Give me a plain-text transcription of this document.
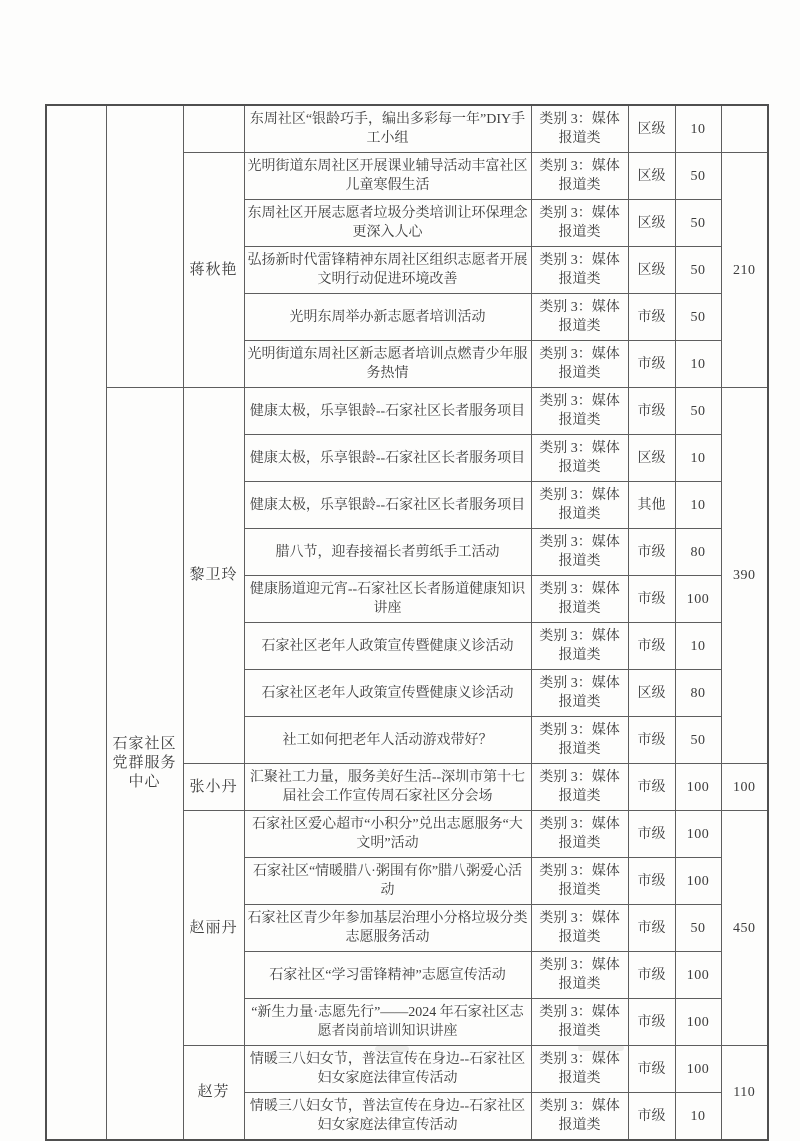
			东周社区“银龄巧手，编出多彩每一年”DIY手工小组	类别 3：媒体报道类	区级	10	
		蒋秋艳	光明街道东周社区开展课业辅导活动丰富社区儿童寒假生活	类别 3：媒体报道类	区级	50	210
			东周社区开展志愿者垃圾分类培训让环保理念更深入人心	类别 3：媒体报道类	区级	50	
			弘扬新时代雷锋精神东周社区组织志愿者开展文明行动促进环境改善	类别 3：媒体报道类	区级	50	
			光明东周举办新志愿者培训活动	类别 3：媒体报道类	市级	50	
			光明街道东周社区新志愿者培训点燃青少年服务热情	类别 3：媒体报道类	市级	10	
	石家社区党群服务中心	黎卫玲	健康太极，乐享银龄--石家社区长者服务项目	类别 3：媒体报道类	市级	50	390
			健康太极，乐享银龄--石家社区长者服务项目	类别 3：媒体报道类	区级	10	
			健康太极，乐享银龄--石家社区长者服务项目	类别 3：媒体报道类	其他	10	
			腊八节，迎春接福长者剪纸手工活动	类别 3：媒体报道类	市级	80	
			健康肠道迎元宵--石家社区长者肠道健康知识讲座	类别 3：媒体报道类	市级	100	
			石家社区老年人政策宣传暨健康义诊活动	类别 3：媒体报道类	市级	10	
			石家社区老年人政策宣传暨健康义诊活动	类别 3：媒体报道类	区级	80	
			社工如何把老年人活动游戏带好？	类别 3：媒体报道类	市级	50	
		张小丹	汇聚社工力量，服务美好生活--深圳市第十七届社会工作宣传周石家社区分会场	类别 3：媒体报道类	市级	100	100
		赵丽丹	石家社区爱心超市“小积分”兑出志愿服务“大文明”活动	类别 3：媒体报道类	市级	100	450
			石家社区“情暖腊八·粥围有你”腊八粥爱心活动	类别 3：媒体报道类	市级	100	
			石家社区青少年参加基层治理小分格垃圾分类志愿服务活动	类别 3：媒体报道类	市级	50	
			石家社区“学习雷锋精神”志愿宣传活动	类别 3：媒体报道类	市级	100	
			“新生力量·志愿先行”——2024 年石家社区志愿者岗前培训知识讲座	类别 3：媒体报道类	市级	100	
		赵芳	情暖三八妇女节，普法宣传在身边--石家社区妇女家庭法律宣传活动	类别 3：媒体报道类	市级	100	110
			情暖三八妇女节，普法宣传在身边--石家社区妇女家庭法律宣传活动	类别 3：媒体报道类	市级	10	
